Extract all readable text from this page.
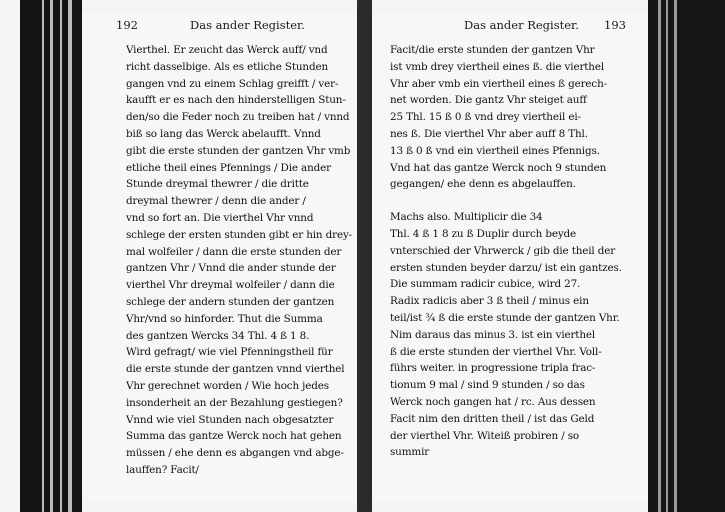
192	Das ander Register.
Vierthel. Er zeucht das Werck auff/ vnd
richt dasselbige. Als es etliche Stunden
gangen vnd zu einem Schlag greifft / ver-
kaufft er es nach den hinderstelligen Stun-
den/so die Feder noch zu treiben hat / vnnd
biß so lang das Werck abelaufft. Vnnd
gibt die erste stunden der gantzen Vhr vmb
etliche theil eines Pfennings / Die ander
Stunde dreymal thewrer / die dritte
dreymal thewrer / denn die ander /
vnd so fort an. Die vierthel Vhr vnnd
schlege der ersten stunden gibt er hin drey-
mal wolfeiler / dann die erste stunden der
gantzen Vhr / Vnnd die ander stunde der
vierthel Vhr dreymal wolfeiler / dann die
schlege der andern stunden der gantzen
Vhr/vnd so hinforder. Thut die Summa
des gantzen Wercks 34 Thl. 4 ß 1 8.
Wird gefragt/ wie viel Pfenningstheil für
die erste stunde der gantzen vnnd vierthel
Vhr gerechnet worden / Wie hoch jedes
insonderheit an der Bezahlung gestiegen?
Vnnd wie viel Stunden nach obgesatzter
Summa das gantze Werck noch hat gehen
müssen / ehe denn es abgangen vnd abge-
lauffen? Facit/
Das ander Register. 193
Facit/die erste stunden der gantzen Vhr
ist vmb drey viertheil eines ß. die vierthel
Vhr aber vmb ein viertheil eines ß gerech-
net worden. Die gantz Vhr steiget auff
25 Thl. 15 ß 0 ß vnd drey viertheil ei-
nes ß. Die vierthel Vhr aber auff 8 Thl.
13 ß 0 ß vnd ein viertheil eines Pfennigs.
Vnd hat das gantze Werck noch 9 stunden
gegangen/ ehe denn es abgelauffen.
Machs also. Multiplicir die 34
Thl. 4 ß 1 8 zu ß Duplir durch beyde
vnterschied der Vhrwerck / gib die theil der
ersten stunden beyder darzu/ ist ein gantzes.
Die summam radicir cubice, wird 27.
Radix radicis aber 3 ß theil / minus ein
teil/ist ¾ ß die erste stunde der gantzen Vhr.
Nim daraus das minus 3. ist ein vierthel
ß die erste stunden der vierthel Vhr. Voll-
führs weiter. in progressione tripla frac-
tionum 9 mal / sind 9 stunden / so das
Werck noch gangen hat / rc. Aus dessen
Facit nim den dritten theil / ist das Geld
der vierthel Vhr. Witeiß probiren / so
summir
